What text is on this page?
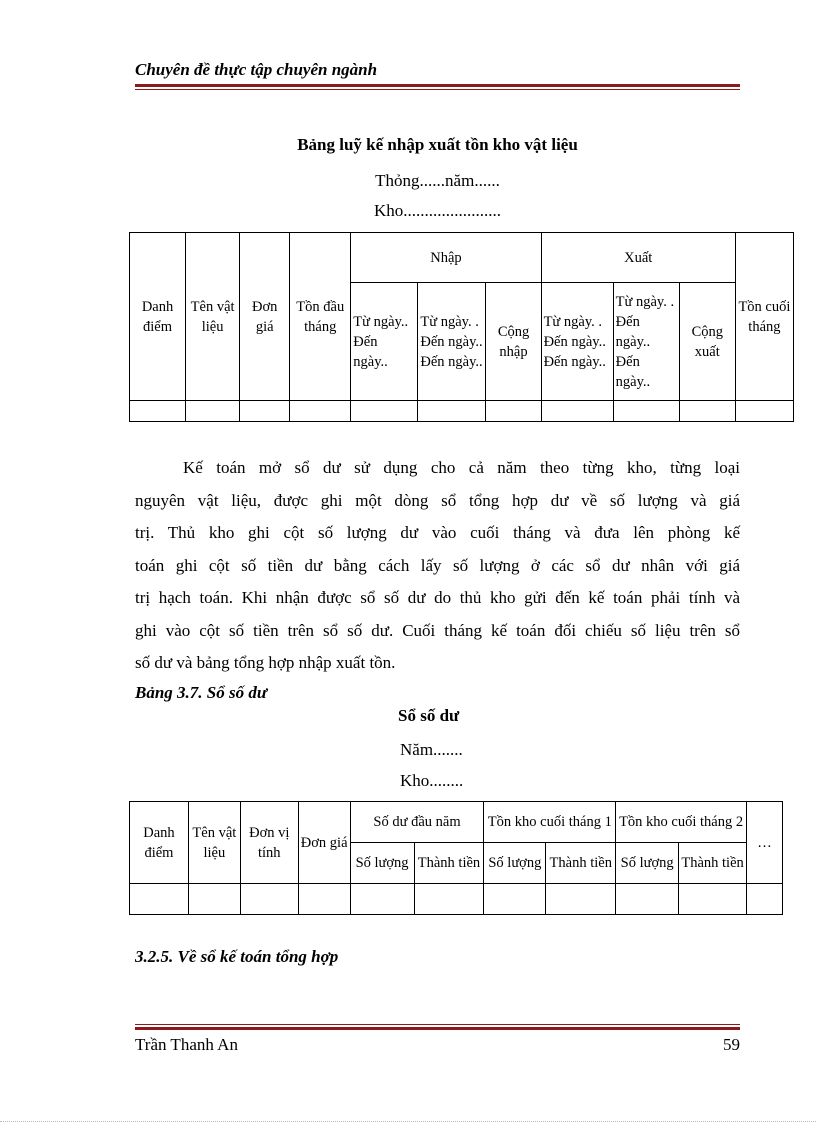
Chuyên đề thực tập chuyên ngành
Bảng luỹ kế nhập xuất tồn kho vật liệu
Thỏng......năm......
Kho.......................
Danh điểm	Tên vật liệu	Đơn giá	Tồn đầu tháng	Nhập			Xuất			Tồn cuối tháng
				Từ ngày.. Đến ngày..	Từ ngày. . Đến ngày.. Đến ngày..	Cộng nhập	Từ ngày. . Đến ngày.. Đến ngày..	Từ ngày. . Đến ngày.. Đến ngày..	Cộng xuất	

Kế toán mở sổ dư sử dụng cho cả năm theo từng kho, từng loại
nguyên vật liệu, được ghi một dòng sổ tổng hợp dư về số lượng và giá
trị. Thủ kho ghi cột số lượng dư vào cuối tháng và đưa lên phòng kế
toán ghi cột số tiền dư bằng cách lấy số lượng ở các sổ dư nhân với giá
trị hạch toán. Khi nhận được sổ số dư do thủ kho gửi đến kế toán phải tính và
ghi vào cột số tiền trên sổ số dư. Cuối tháng kế toán đối chiếu số liệu trên sổ
số dư và bảng tổng hợp nhập xuất tồn.
Bảng 3.7. Sổ số dư
Sổ số dư
Năm.......
Kho........
Danh điểm	Tên vật liệu	Đơn vị tính	Đơn giá	Số dư đầu năm		Tồn kho cuối tháng 1		Tồn kho cuối tháng 2		…
				Số lượng	Thành tiền	Số lượng	Thành tiền	Số lượng	Thành tiền	

3.2.5. Về sổ kế toán tổng hợp
Trần Thanh An	59
